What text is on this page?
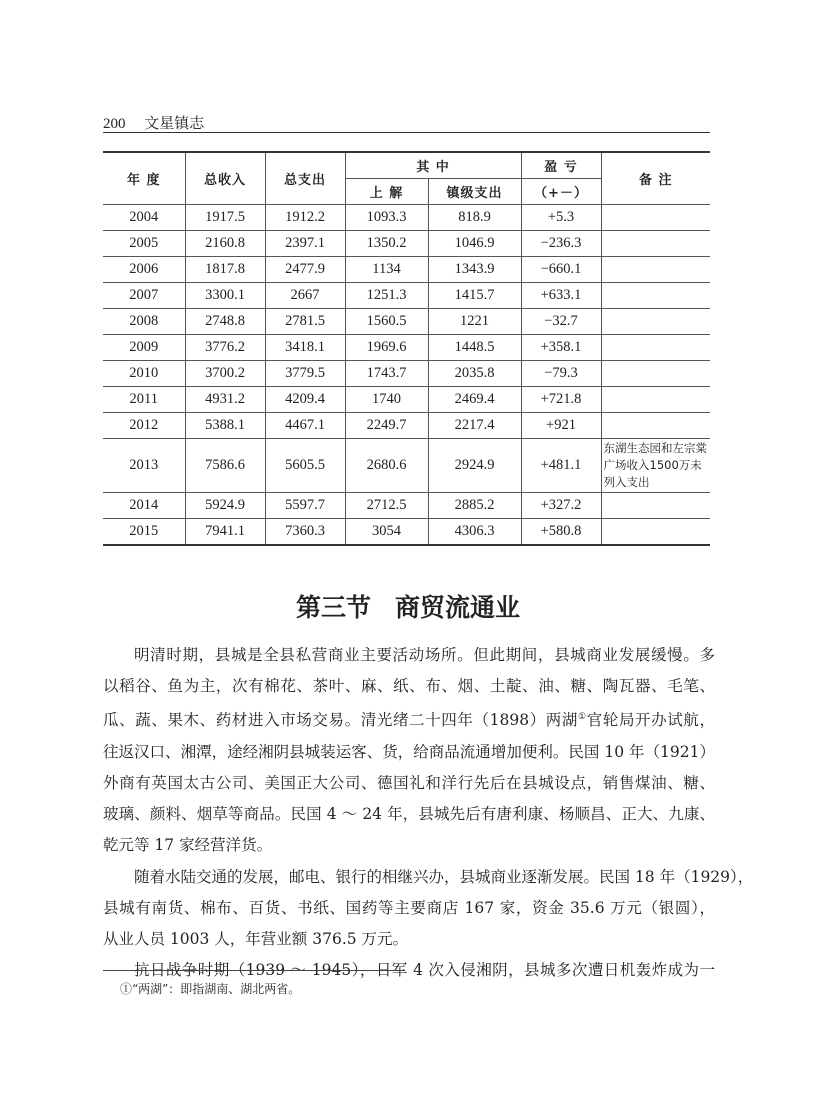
200 文星镇志
年 度	总收入	总支出	其 中		盈 亏	备 注
			上 解	镇级支出	（+－）	
2004	1917.5	1912.2	1093.3	818.9	+5.3	
2005	2160.8	2397.1	1350.2	1046.9	−236.3	
2006	1817.8	2477.9	1134	1343.9	−660.1	
2007	3300.1	2667	1251.3	1415.7	+633.1	
2008	2748.8	2781.5	1560.5	1221	−32.7	
2009	3776.2	3418.1	1969.6	1448.5	+358.1	
2010	3700.2	3779.5	1743.7	2035.8	−79.3	
2011	4931.2	4209.4	1740	2469.4	+721.8	
2012	5388.1	4467.1	2249.7	2217.4	+921	
2013	7586.6	5605.5	2680.6	2924.9	+481.1	东湖生态园和左宗棠广场收入1500万未列入支出
2014	5924.9	5597.7	2712.5	2885.2	+327.2	
2015	7941.1	7360.3	3054	4306.3	+580.8	
第三节 商贸流通业

明清时期，县城是全县私营商业主要活动场所。但此期间，县城商业发展缓慢。多
以稻谷、鱼为主，次有棉花、茶叶、麻、纸、布、烟、土靛、油、糖、陶瓦器、毛笔、
瓜、蔬、果木、药材进入市场交易。清光绪二十四年（1898）两湖①官轮局开办试航，
往返汉口、湘潭，途经湘阴县城装运客、货，给商品流通增加便利。民国 10 年（1921）
外商有英国太古公司、美国正大公司、德国礼和洋行先后在县城设点，销售煤油、糖、
玻璃、颜料、烟草等商品。民国 4 ～ 24 年，县城先后有唐利康、杨顺昌、正大、九康、
乾元等 17 家经营洋货。

随着水陆交通的发展，邮电、银行的相继兴办，县城商业逐渐发展。民国 18 年（1929），
县城有南货、棉布、百货、书纸、国药等主要商店 167 家，资金 35.6 万元（银圆），
从业人员 1003 人，年营业额 376.5 万元。

抗日战争时期（1939 ～ 1945），日军 4 次入侵湘阴，县城多次遭日机轰炸成为一

①“两湖”：即指湖南、湖北两省。
